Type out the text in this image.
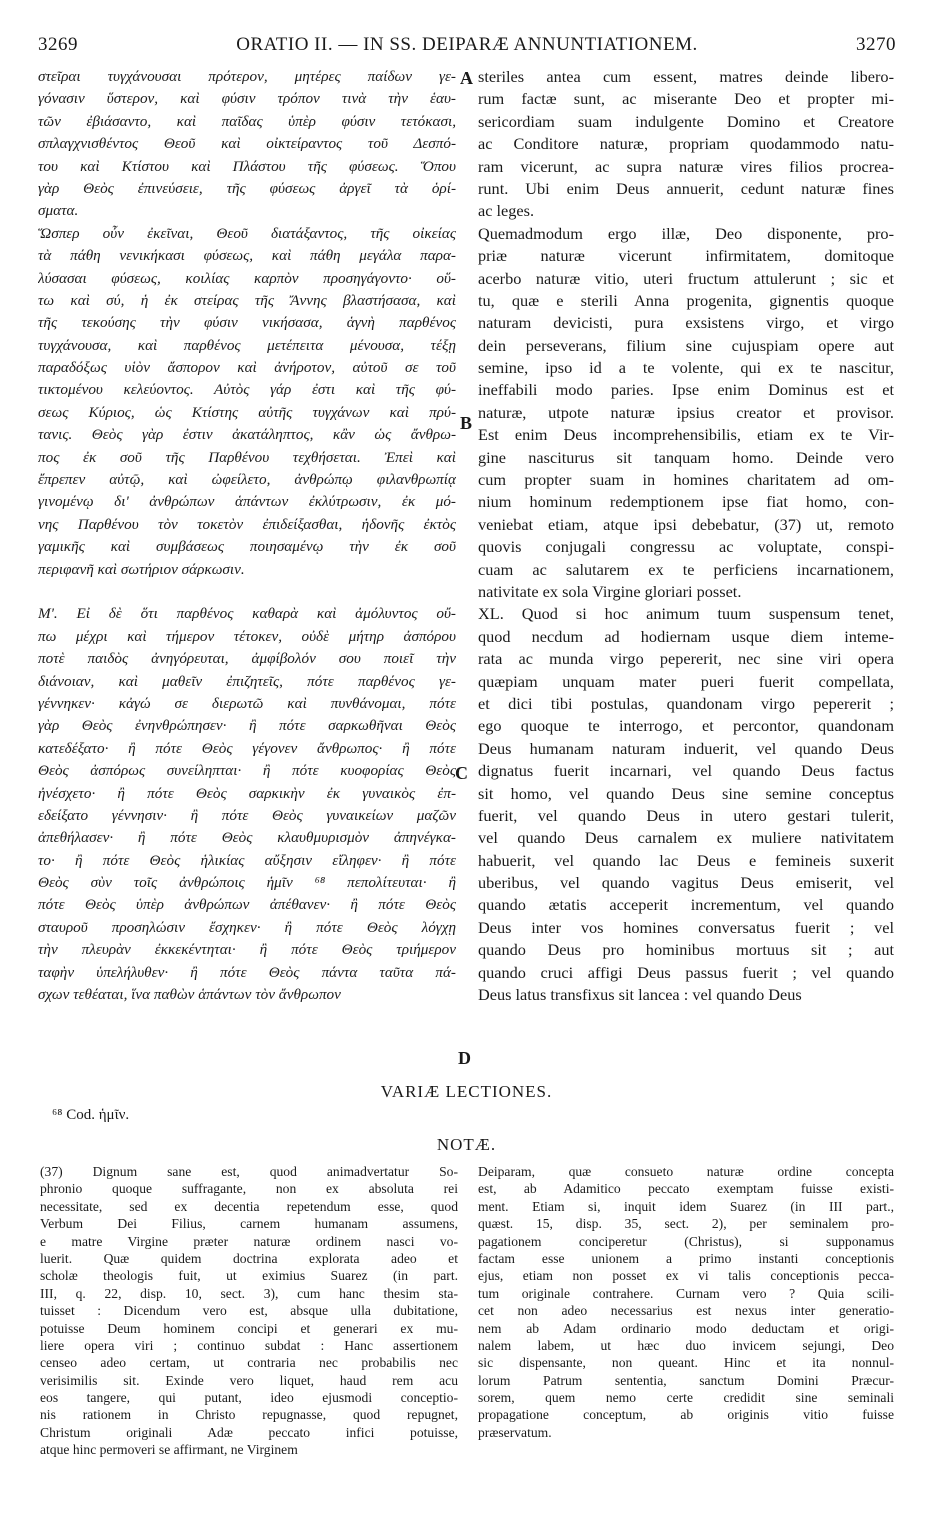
3269	ORATIO II. — IN SS. DEIPARÆ ANNUNTIATIONEM.	3270
στεῖραι τυγχάνουσαι πρότερον, μητέρες παίδων γε-
γόνασιν ὕστερον, καὶ φύσιν τρόπον τινὰ τὴν ἑαυ-
τῶν ἐβιάσαντο, καὶ παῖδας ὑπὲρ φύσιν τετόκασι,
σπλαγχνισθέντος Θεοῦ καὶ οἰκτείραντος τοῦ Δεσπό-
του καὶ Κτίστου καὶ Πλάστου τῆς φύσεως. Ὅπου
γὰρ Θεὸς ἐπινεύσειε, τῆς φύσεως ἀργεῖ τὰ ὁρί-
σματα.
Ὥσπερ οὖν ἐκεῖναι, Θεοῦ διατάξαντος, τῆς οἰκείας
τὰ πάθη νενικήκασι φύσεως, καὶ πάθη μεγάλα παρα-
λύσασαι φύσεως, κοιλίας καρπὸν προσηγάγοντο· οὕ-
τω καὶ σύ, ἡ ἐκ στείρας τῆς Ἄννης βλαστήσασα, καὶ
τῆς τεκούσης τὴν φύσιν νικήσασα, ἁγνὴ παρθένος
τυγχάνουσα, καὶ παρθένος μετέπειτα μένουσα, τέξῃ
παραδόξως υἱὸν ἄσπορον καὶ ἀνήροτον, αὐτοῦ σε τοῦ
τικτομένου κελεύοντος. Αὐτὸς γάρ ἐστι καὶ τῆς φύ-
σεως Κύριος, ὡς Κτίστης αὐτῆς τυγχάνων καὶ πρύ-
τανις. Θεὸς γὰρ ἐστιν ἀκατάληπτος, κἂν ὡς ἄνθρω-
πος ἐκ σοῦ τῆς Παρθένου τεχθήσεται. Ἐπεὶ καὶ
ἔπρεπεν αὐτῷ, καὶ ὠφείλετο, ἀνθρώπῳ φιλανθρωπίᾳ
γινομένῳ δι' ἀνθρώπων ἁπάντων ἐκλύτρωσιν, ἐκ μό-
νης Παρθένου τὸν τοκετὸν ἐπιδείξασθαι, ἡδονῆς ἐκτὸς
γαμικῆς καὶ συμβάσεως ποιησαμένῳ τὴν ἐκ σοῦ
περιφανῆ καὶ σωτήριον σάρκωσιν.
Μ'. Εἰ δὲ ὅτι παρθένος καθαρὰ καὶ ἀμόλυντος οὔ-
πω μέχρι καὶ τήμερον τέτοκεν, οὐδὲ μήτηρ ἀσπόρου
ποτὲ παιδὸς ἀνηγόρευται, ἀμφίβολόν σου ποιεῖ τὴν
διάνοιαν, καὶ μαθεῖν ἐπιζητεῖς, πότε παρθένος γε-
γέννηκεν· κἀγώ σε διερωτῶ καὶ πυνθάνομαι, πότε
γὰρ Θεὸς ἐνηνθρώπησεν· ἢ πότε σαρκωθῆναι Θεὸς
κατεδέξατο· ἢ πότε Θεὸς γέγονεν ἄνθρωπος· ἢ πότε
Θεὸς ἀσπόρως συνείληπται· ἢ πότε κυοφορίας Θεὸς
ἠνέσχετο· ἢ πότε Θεὸς σαρκικὴν ἐκ γυναικὸς ἐπ-
εδείξατο γέννησιν· ἢ πότε Θεὸς γυναικείων μαζῶν
ἀπεθήλασεν· ἢ πότε Θεὸς κλαυθμυρισμὸν ἀπηνέγκα-
το· ἢ πότε Θεὸς ἡλικίας αὔξησιν εἴληφεν· ἢ πότε
Θεὸς σὺν τοῖς ἀνθρώποις ἡμῖν ⁶⁸ πεπολίτευται· ἢ
πότε Θεὸς ὑπὲρ ἀνθρώπων ἀπέθανεν· ἢ πότε Θεὸς
σταυροῦ προσηλώσιν ἔσχηκεν· ἢ πότε Θεὸς λόγχῃ
τὴν πλευρὰν ἐκκεκέντηται· ἢ πότε Θεὸς τριήμερον
ταφὴν ὑπελήλυθεν· ἢ πότε Θεὸς πάντα ταῦτα πά-
σχων τεθέαται, ἵνα παθὼν ἁπάντων τὸν ἄνθρωπον
steriles antea cum essent, matres deinde libero-
rum factæ sunt, ac miserante Deo et propter mi-
sericordiam suam indulgente Domino et Creatore
ac Conditore naturæ, propriam quodammodo natu-
ram vicerunt, ac supra naturæ vires filios procrea-
runt. Ubi enim Deus annuerit, cedunt naturæ fines
ac leges.
Quemadmodum ergo illæ, Deo disponente, pro-
priæ naturæ vicerunt infirmitatem, domitoque
acerbo naturæ vitio, uteri fructum attulerunt ; sic et
tu, quæ e sterili Anna progenita, gignentis quoque
naturam devicisti, pura exsistens virgo, et virgo
dein perseverans, filium sine cujuspiam opere aut
semine, ipso id a te volente, qui ex te nascitur,
ineffabili modo paries. Ipse enim Dominus est et
naturæ, utpote naturæ ipsius creator et provisor.
Est enim Deus incomprehensibilis, etiam ex te Vir-
gine nasciturus sit tanquam homo. Deinde vero
cum propter suam in homines charitatem ad om-
nium hominum redemptionem ipse fiat homo, con-
veniebat etiam, atque ipsi debebatur, (37) ut, remoto
quovis conjugali congressu ac voluptate, conspi-
cuam ac salutarem ex te perficiens incarnationem,
nativitate ex sola Virgine gloriari posset.
XL. Quod si hoc animum tuum suspensum tenet,
quod necdum ad hodiernam usque diem inteme-
rata ac munda virgo pepererit, nec sine viri opera
quæpiam unquam mater pueri fuerit compellata,
et dici tibi postulas, quandonam virgo pepererit ;
ego quoque te interrogo, et percontor, quandonam
Deus humanam naturam induerit, vel quando Deus
dignatus fuerit incarnari, vel quando Deus factus
sit homo, vel quando Deus sine semine conceptus
fuerit, vel quando Deus in utero gestari tulerit,
vel quando Deus carnalem ex muliere nativitatem
habuerit, vel quando lac Deus e femineis suxerit
uberibus, vel quando vagitus Deus emiserit, vel
quando ætatis acceperit incrementum, vel quando
Deus inter vos homines conversatus fuerit ; vel
quando Deus pro hominibus mortuus sit ; aut
quando cruci affigi Deus passus fuerit ; vel quando
Deus latus transfixus sit lancea : vel quando Deus
A
B
C
D
VARIÆ LECTIONES.
⁶⁸ Cod. ἡμῖν.
NOTÆ.
(37) Dignum sane est, quod animadvertatur So-
phronio quoque suffragante, non ex absoluta rei
necessitate, sed ex decentia repetendum esse, quod
Verbum Dei Filius, carnem humanam assumens,
e matre Virgine præter naturæ ordinem nasci vo-
luerit. Quæ quidem doctrina explorata adeo et
scholæ theologis fuit, ut eximius Suarez (in part.
III, q. 22, disp. 10, sect. 3), cum hanc thesim sta-
tuisset : Dicendum vero est, absque ulla dubitatione,
potuisse Deum hominem concipi et generari ex mu-
liere opera viri ; continuo subdat : Hanc assertionem
censeo adeo certam, ut contraria nec probabilis nec
verisimilis sit. Exinde vero liquet, haud rem acu
eos tangere, qui putant, ideo ejusmodi conceptio-
nis rationem in Christo repugnasse, quod repugnet,
Christum originali Adæ peccato infici potuisse,
atque hinc permoveri se affirmant, ne Virginem
Deiparam, quæ consueto naturæ ordine concepta
est, ab Adamitico peccato exemptam fuisse existi-
ment. Etiam si, inquit idem Suarez (in III part.,
quæst. 15, disp. 35, sect. 2), per seminalem pro-
pagationem conciperetur (Christus), si supponamus
factam esse unionem a primo instanti conceptionis
ejus, etiam non posset ex vi talis conceptionis pecca-
tum originale contrahere. Curnam vero ? Quia scili-
cet non adeo necessarius est nexus inter generatio-
nem ab Adam ordinario modo deductam et origi-
nalem labem, ut hæc duo invicem sejungi, Deo
sic dispensante, non queant. Hinc et ita nonnul-
lorum Patrum sententia, sanctum Domini Præcur-
sorem, quem nemo certe credidit sine seminali
propagatione conceptum, ab originis vitio fuisse
præservatum.
